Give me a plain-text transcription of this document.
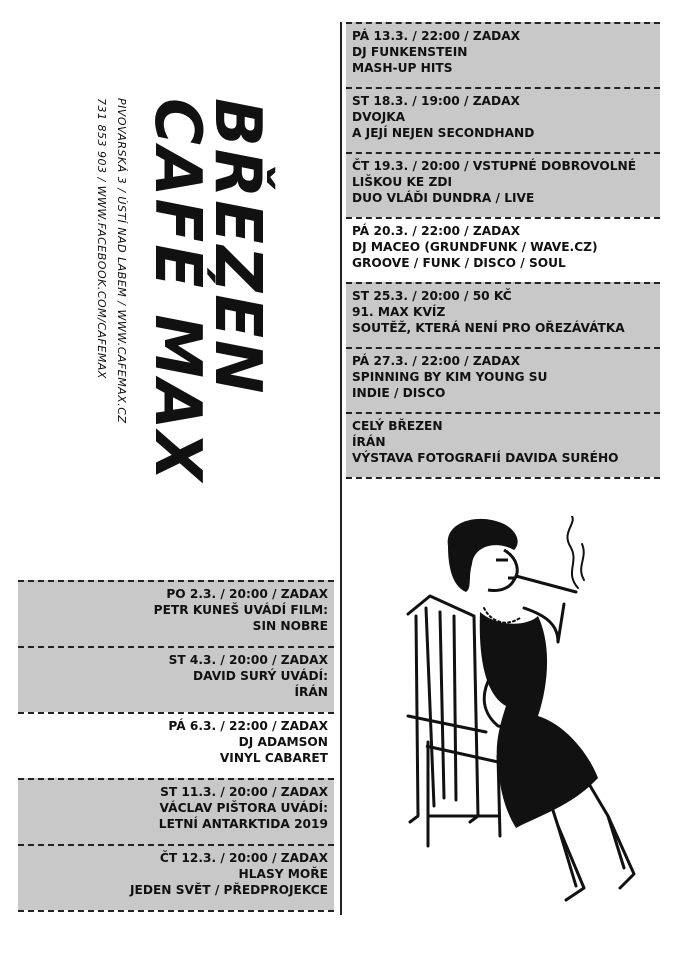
BŘEZEN
CAFÉ MAX
PIVOVARSKÁ 3 / ÚSTÍ NAD LABEM / WWW.CAFEMAX.CZ
731 853 903 / WWW.FACEBOOK.COM/CAFEMAX
PÁ 13.3. / 22:00 / ZADAX
DJ FUNKENSTEIN
MASH-UP HITS
ST 18.3. / 19:00 / ZADAX
DVOJKA
A JEJÍ NEJEN SECONDHAND
ČT 19.3. / 20:00 / VSTUPNÉ DOBROVOLNÉ
LIŠKOU KE ZDI
DUO VLÁĎI DUNDRA / LIVE
PÁ 20.3. / 22:00 / ZADAX
DJ MACEO (GRUNDFUNK / WAVE.CZ)
GROOVE / FUNK / DISCO / SOUL
ST 25.3. / 20:00 / 50 KČ
91. MAX KVÍZ
SOUTĚŽ, KTERÁ NENÍ PRO OŘEZÁVÁTKA
PÁ 27.3. / 22:00 / ZADAX
SPINNING BY KIM YOUNG SU
INDIE / DISCO
CELÝ BŘEZEN
ÍRÁN
VÝSTAVA FOTOGRAFIÍ DAVIDA SURÉHO
PO 2.3. / 20:00 / ZADAX
PETR KUNEŠ UVÁDÍ FILM:
SIN NOBRE
ST 4.3. / 20:00 / ZADAX
DAVID SURÝ UVÁDÍ:
ÍRÁN
PÁ 6.3. / 22:00 / ZADAX
DJ ADAMSON
VINYL CABARET
ST 11.3. / 20:00 / ZADAX
VÁCLAV PIŠTORA UVÁDÍ:
LETNÍ ANTARKTIDA 2019
ČT 12.3. / 20:00 / ZADAX
HLASY MOŘE
JEDEN SVĚT / PŘEDPROJEKCE
